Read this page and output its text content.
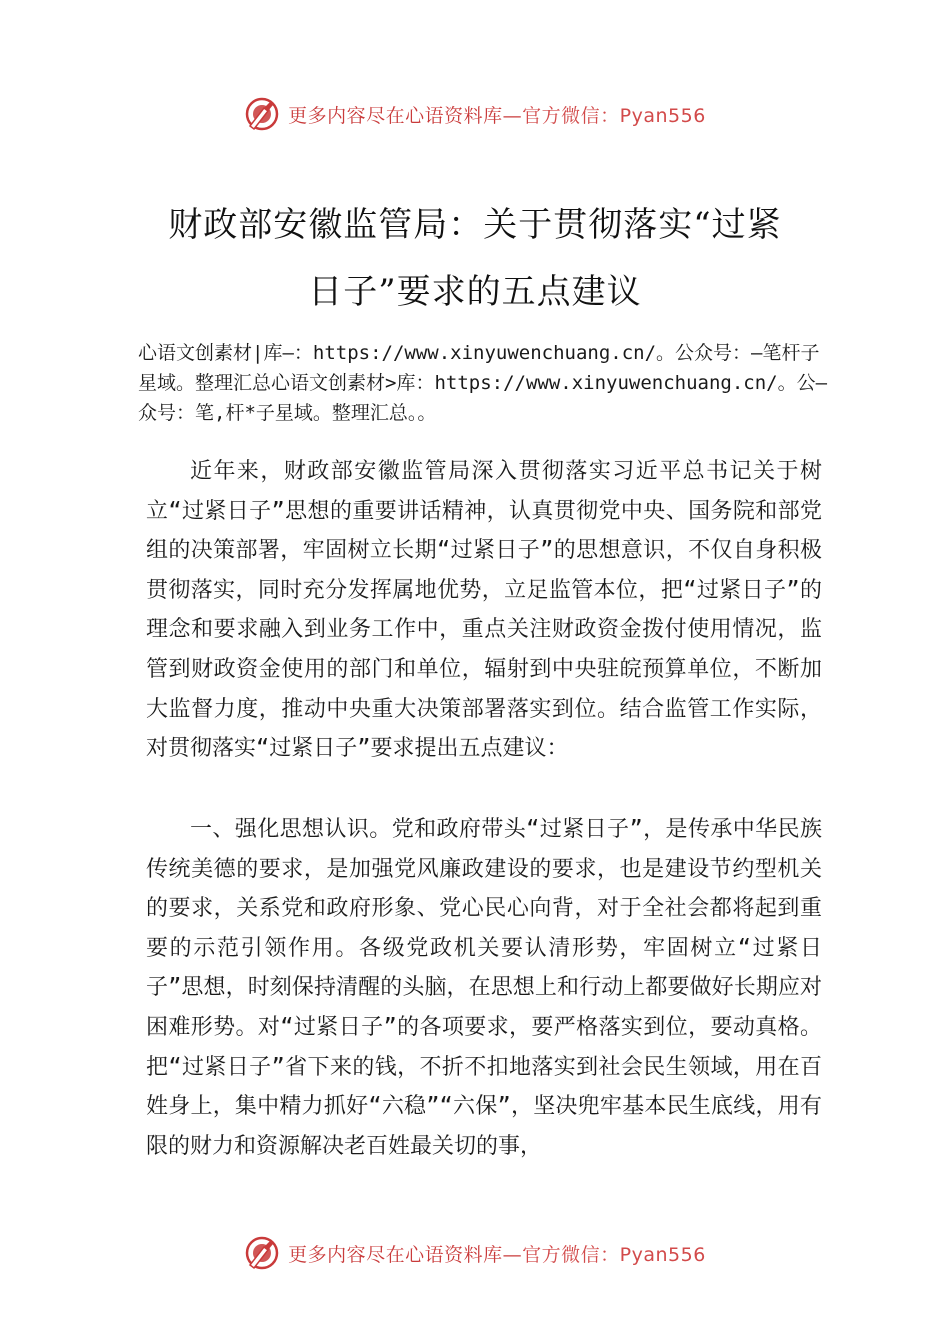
更多内容尽在心语资料库—官方微信：Pyan556
财政部安徽监管局：关于贯彻落实“过紧
日子”要求的五点建议

心语文创素材|库—：https://www.xinyuwenchuang.cn/。公众号：—笔杆子星域。整理汇总心语文创素材>库：https://www.xinyuwenchuang.cn/。公—众号：笔,杆*子星域。整理汇总。。

近年来，财政部安徽监管局深入贯彻落实习近平总书记关于树立“过紧日子”思想的重要讲话精神，认真贯彻党中央、国务院和部党组的决策部署，牢固树立长期“过紧日子”的思想意识，不仅自身积极贯彻落实，同时充分发挥属地优势，立足监管本位，把“过紧日子”的理念和要求融入到业务工作中，重点关注财政资金拨付使用情况，监管到财政资金使用的部门和单位，辐射到中央驻皖预算单位，不断加大监督力度，推动中央重大决策部署落实到位。结合监管工作实际，对贯彻落实“过紧日子”要求提出五点建议：

一、强化思想认识。党和政府带头“过紧日子”，是传承中华民族传统美德的要求，是加强党风廉政建设的要求，也是建设节约型机关的要求，关系党和政府形象、党心民心向背，对于全社会都将起到重要的示范引领作用。各级党政机关要认清形势，牢固树立“过紧日子”思想，时刻保持清醒的头脑，在思想上和行动上都要做好长期应对困难形势。对“过紧日子”的各项要求，要严格落实到位，要动真格。把“过紧日子”省下来的钱，不折不扣地落实到社会民生领域，用在百姓身上，集中精力抓好“六稳”“六保”，坚决兜牢基本民生底线，用有限的财力和资源解决老百姓最关切的事，

更多内容尽在心语资料库—官方微信：Pyan556
